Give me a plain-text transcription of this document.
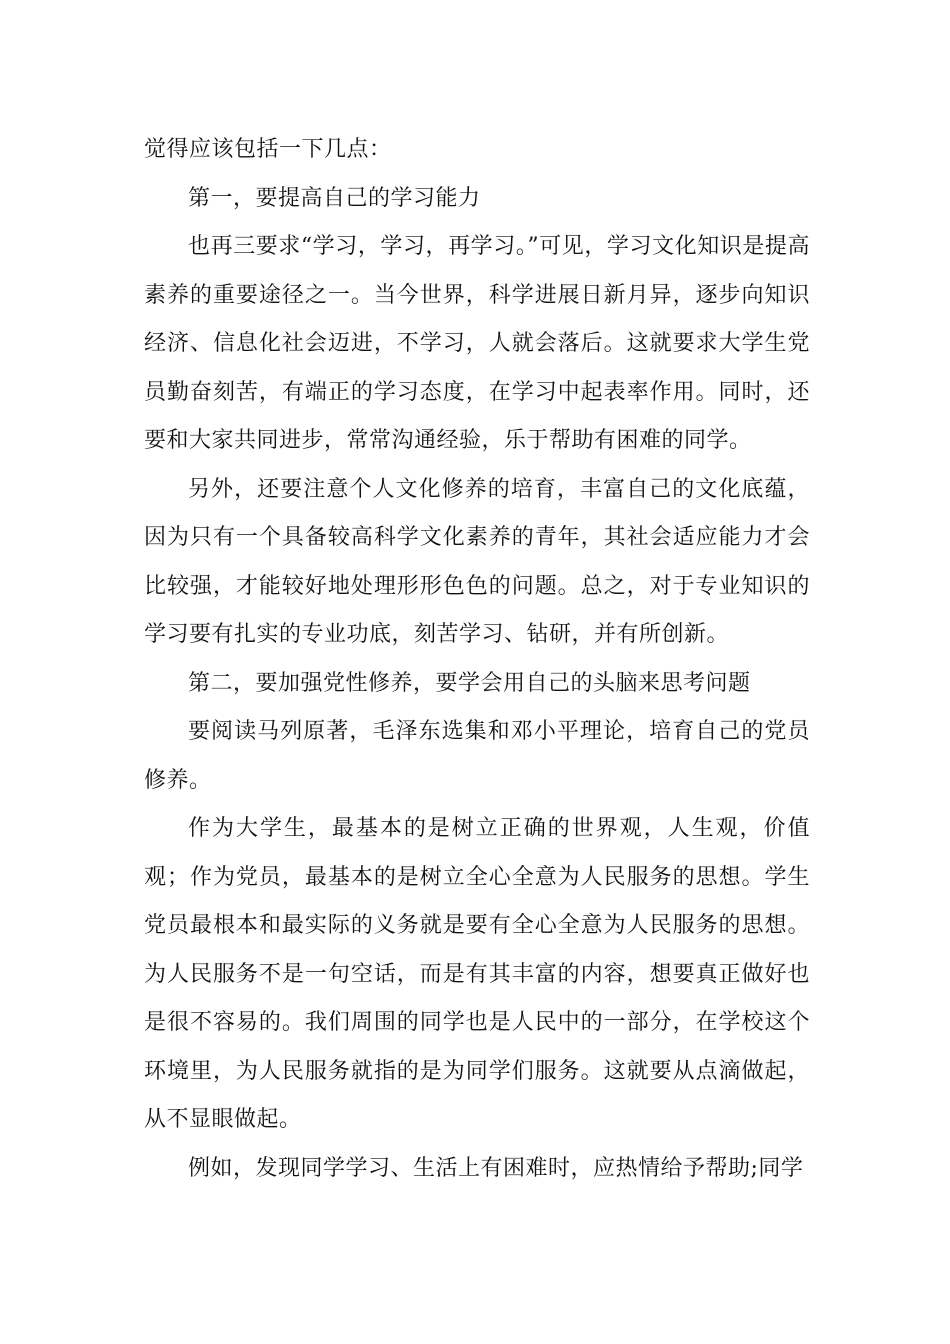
觉得应该包括一下几点：

第一，要提高自己的学习能力

也再三要求“学习，学习，再学习。”可见，学习文化知识是提高素养的重要途径之一。当今世界，科学进展日新月异，逐步向知识经济、信息化社会迈进，不学习，人就会落后。这就要求大学生党员勤奋刻苦，有端正的学习态度，在学习中起表率作用。同时，还要和大家共同进步，常常沟通经验，乐于帮助有困难的同学。

另外，还要注意个人文化修养的培育，丰富自己的文化底蕴，因为只有一个具备较高科学文化素养的青年，其社会适应能力才会比较强，才能较好地处理形形色色的问题。总之，对于专业知识的学习要有扎实的专业功底，刻苦学习、钻研，并有所创新。

第二，要加强党性修养，要学会用自己的头脑来思考问题

要阅读马列原著，毛泽东选集和邓小平理论，培育自己的党员修养。

作为大学生，最基本的是树立正确的世界观，人生观，价值观；作为党员，最基本的是树立全心全意为人民服务的思想。学生党员最根本和最实际的义务就是要有全心全意为人民服务的思想。为人民服务不是一句空话，而是有其丰富的内容，想要真正做好也是很不容易的。我们周围的同学也是人民中的一部分，在学校这个环境里，为人民服务就指的是为同学们服务。这就要从点滴做起，从不显眼做起。

例如，发现同学学习、生活上有困难时，应热情给予帮助;同学
